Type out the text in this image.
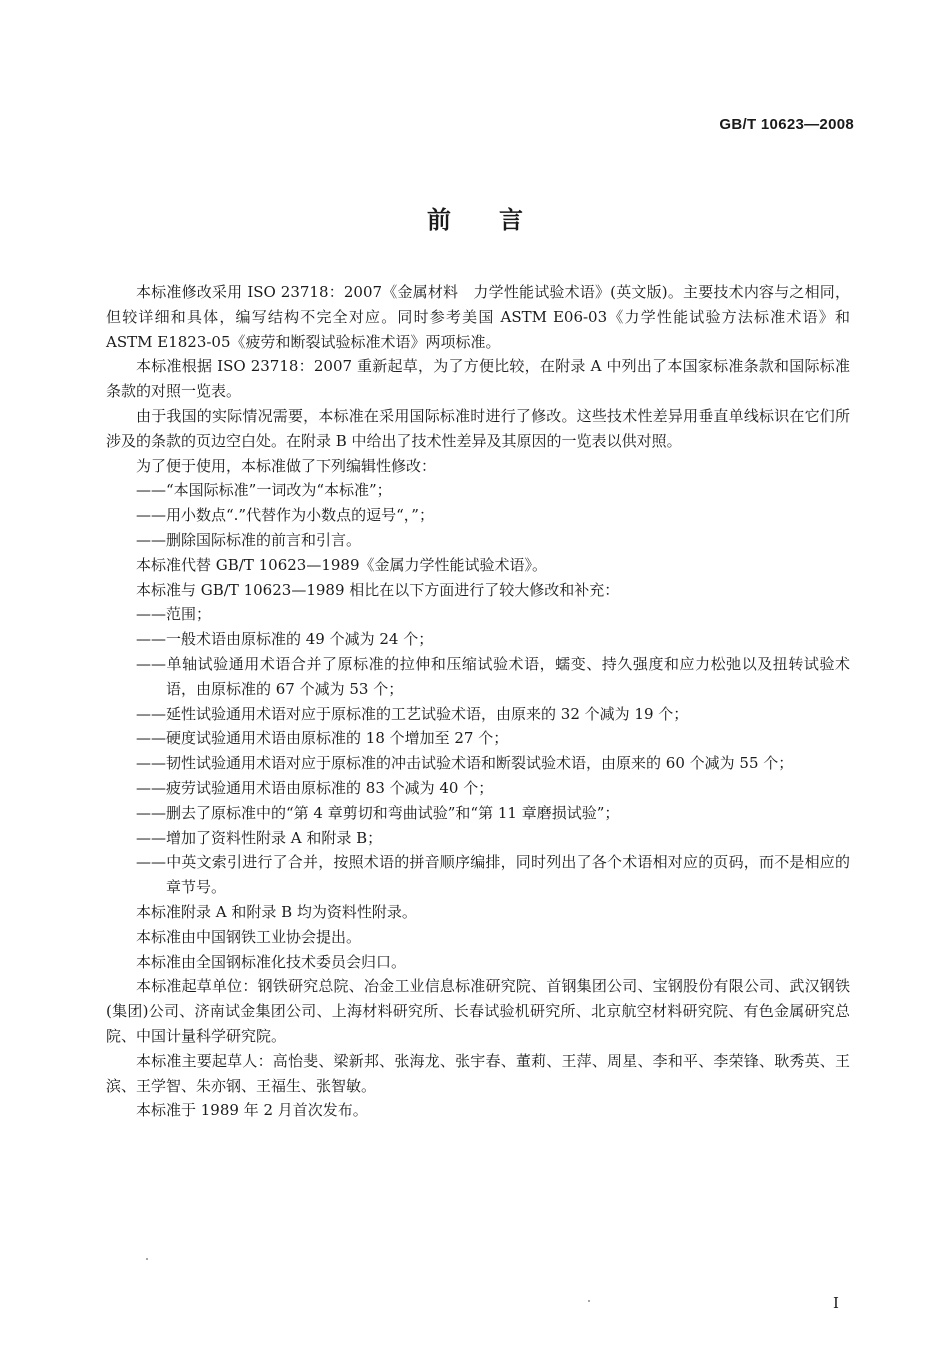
GB/T 10623—2008
前言

本标准修改采用 ISO 23718：2007《金属材料　力学性能试验术语》(英文版)。主要技术内容与之相同，但较详细和具体，编写结构不完全对应。同时参考美国 ASTM E06-03《力学性能试验方法标准术语》和 ASTM E1823-05《疲劳和断裂试验标准术语》两项标准。

本标准根据 ISO 23718：2007 重新起草，为了方便比较，在附录 A 中列出了本国家标准条款和国际标准条款的对照一览表。

由于我国的实际情况需要，本标准在采用国际标准时进行了修改。这些技术性差异用垂直单线标识在它们所涉及的条款的页边空白处。在附录 B 中给出了技术性差异及其原因的一览表以供对照。

为了便于使用，本标准做了下列编辑性修改：

——“本国际标准”一词改为“本标准”；

——用小数点“.”代替作为小数点的逗号“，”；

——删除国际标准的前言和引言。

本标准代替 GB/T 10623—1989《金属力学性能试验术语》。

本标准与 GB/T 10623—1989 相比在以下方面进行了较大修改和补充：

——范围；

——一般术语由原标准的 49 个减为 24 个；

——单轴试验通用术语合并了原标准的拉伸和压缩试验术语，蠕变、持久强度和应力松弛以及扭转试验术语，由原标准的 67 个减为 53 个；

——延性试验通用术语对应于原标准的工艺试验术语，由原来的 32 个减为 19 个；

——硬度试验通用术语由原标准的 18 个增加至 27 个；

——韧性试验通用术语对应于原标准的冲击试验术语和断裂试验术语，由原来的 60 个减为 55 个；

——疲劳试验通用术语由原标准的 83 个减为 40 个；

——删去了原标准中的“第 4 章剪切和弯曲试验”和“第 11 章磨损试验”；

——增加了资料性附录 A 和附录 B；

——中英文索引进行了合并，按照术语的拼音顺序编排，同时列出了各个术语相对应的页码，而不是相应的章节号。

本标准附录 A 和附录 B 均为资料性附录。

本标准由中国钢铁工业协会提出。

本标准由全国钢标准化技术委员会归口。

本标准起草单位：钢铁研究总院、冶金工业信息标准研究院、首钢集团公司、宝钢股份有限公司、武汉钢铁(集团)公司、济南试金集团公司、上海材料研究所、长春试验机研究所、北京航空材料研究院、有色金属研究总院、中国计量科学研究院。

本标准主要起草人：高怡斐、梁新邦、张海龙、张宇春、董莉、王萍、周星、李和平、李荣锋、耿秀英、王滨、王学智、朱亦钢、王福生、张智敏。

本标准于 1989 年 2 月首次发布。

I
